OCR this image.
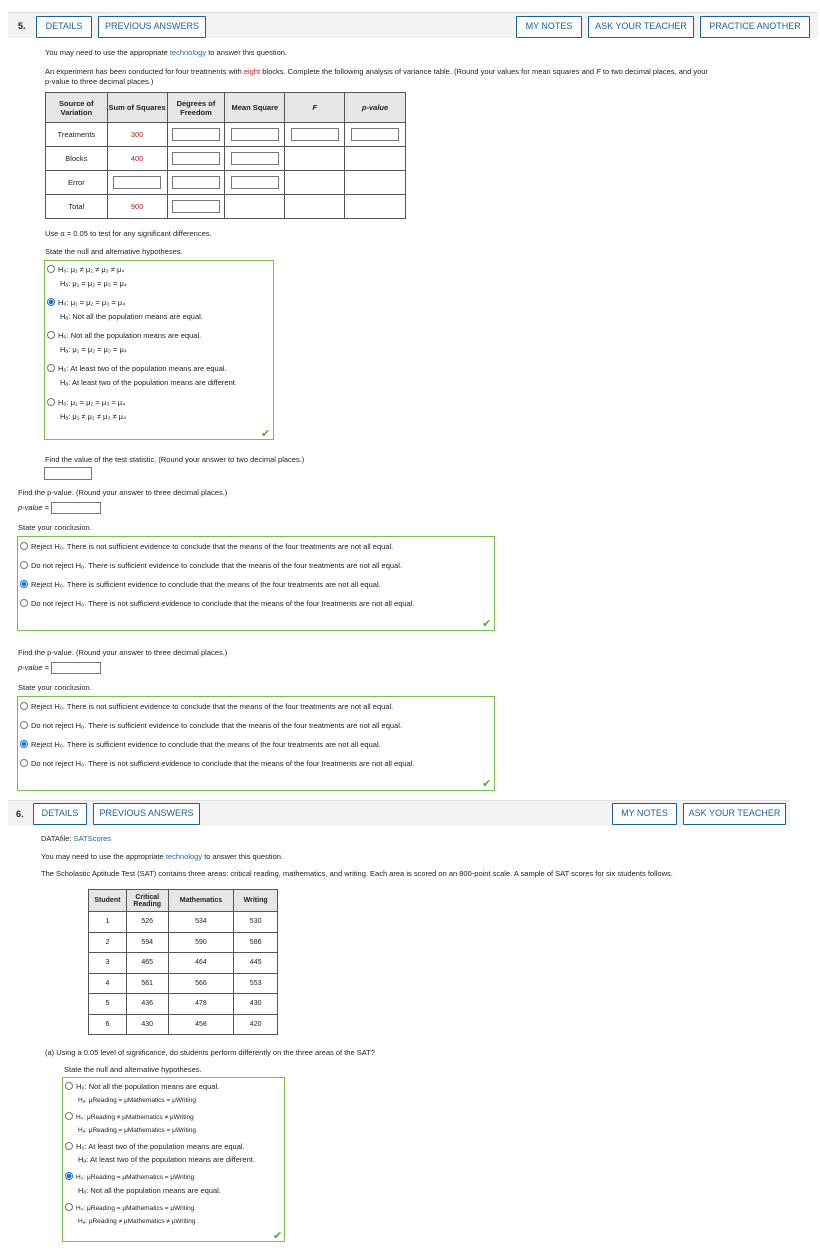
5.	DETAILS	PREVIOUS ANSWERS	MY NOTES	ASK YOUR TEACHER	PRACTICE ANOTHER
You may need to use the appropriate technology to answer this question.
An experiment has been conducted for four treatments with eight blocks. Complete the following analysis of variance table. (Round your values for mean squares and F to two decimal places, and your
p-value to three decimal places.)
Source of Variation	Sum of Squares	Degrees of Freedom	Mean Square	F	p-value
Treatments	300				
Blocks	400				
Error					
Total	900				
Use α = 0.05 to test for any significant differences.
State the null and alternative hypotheses.
H₀: μ₁ ≠ μ₂ ≠ μ₃ ≠ μ₄
Hₐ: μ₁ = μ₂ = μ₃ = μ₄
H₀: μ₁ = μ₂ = μ₃ = μ₄
Hₐ: Not all the population means are equal.
H₀: Not all the population means are equal.
Hₐ: μ₁ = μ₂ = μ₃ = μ₄
H₀: At least two of the population means are equal.
Hₐ: At least two of the population means are different.
H₀: μ₁ = μ₂ = μ₃ = μ₄
Hₐ: μ₁ ≠ μ₂ ≠ μ₃ ≠ μ₄
✔
Find the value of the test statistic. (Round your answer to two decimal places.)
Find the p-value. (Round your answer to three decimal places.)
p-value =
State your conclusion.
Reject H₀. There is not sufficient evidence to conclude that the means of the four treatments are not all equal.
Do not reject H₀. There is sufficient evidence to conclude that the means of the four treatments are not all equal.
Reject H₀. There is sufficient evidence to conclude that the means of the four treatments are not all equal.
Do not reject H₀. There is not sufficient evidence to conclude that the means of the four treatments are not all equal.
✔
Find the p-value. (Round your answer to three decimal places.)
p-value =
State your conclusion.
Reject H₀. There is not sufficient evidence to conclude that the means of the four treatments are not all equal.
Do not reject H₀. There is sufficient evidence to conclude that the means of the four treatments are not all equal.
Reject H₀. There is sufficient evidence to conclude that the means of the four treatments are not all equal.
Do not reject H₀. There is not sufficient evidence to conclude that the means of the four treatments are not all equal.
✔
6.	DETAILS	PREVIOUS ANSWERS	MY NOTES	ASK YOUR TEACHER
DATAfile: SATScores
You may need to use the appropriate technology to answer this question.
The Scholastic Aptitude Test (SAT) contains three areas: critical reading, mathematics, and writing. Each area is scored on an 800-point scale. A sample of SAT scores for six students follows.
Student	Critical Reading	Mathematics	Writing
1	526	534	530
2	594	590	586
3	465	464	445
4	561	566	553
5	436	478	430
6	430	458	420
(a) Using a 0.05 level of significance, do students perform differently on the three areas of the SAT?
State the null and alternative hypotheses.
H₀: Not all the population means are equal.
Hₐ: μReading = μMathematics = μWriting
H₀: μReading ≠ μMathematics ≠ μWriting
Hₐ: μReading = μMathematics = μWriting
H₀: At least two of the population means are equal.
Hₐ: At least two of the population means are different.
H₀: μReading = μMathematics = μWriting
Hₐ: Not all the population means are equal.
H₀: μReading = μMathematics = μWriting
Hₐ: μReading ≠ μMathematics ≠ μWriting
✔
